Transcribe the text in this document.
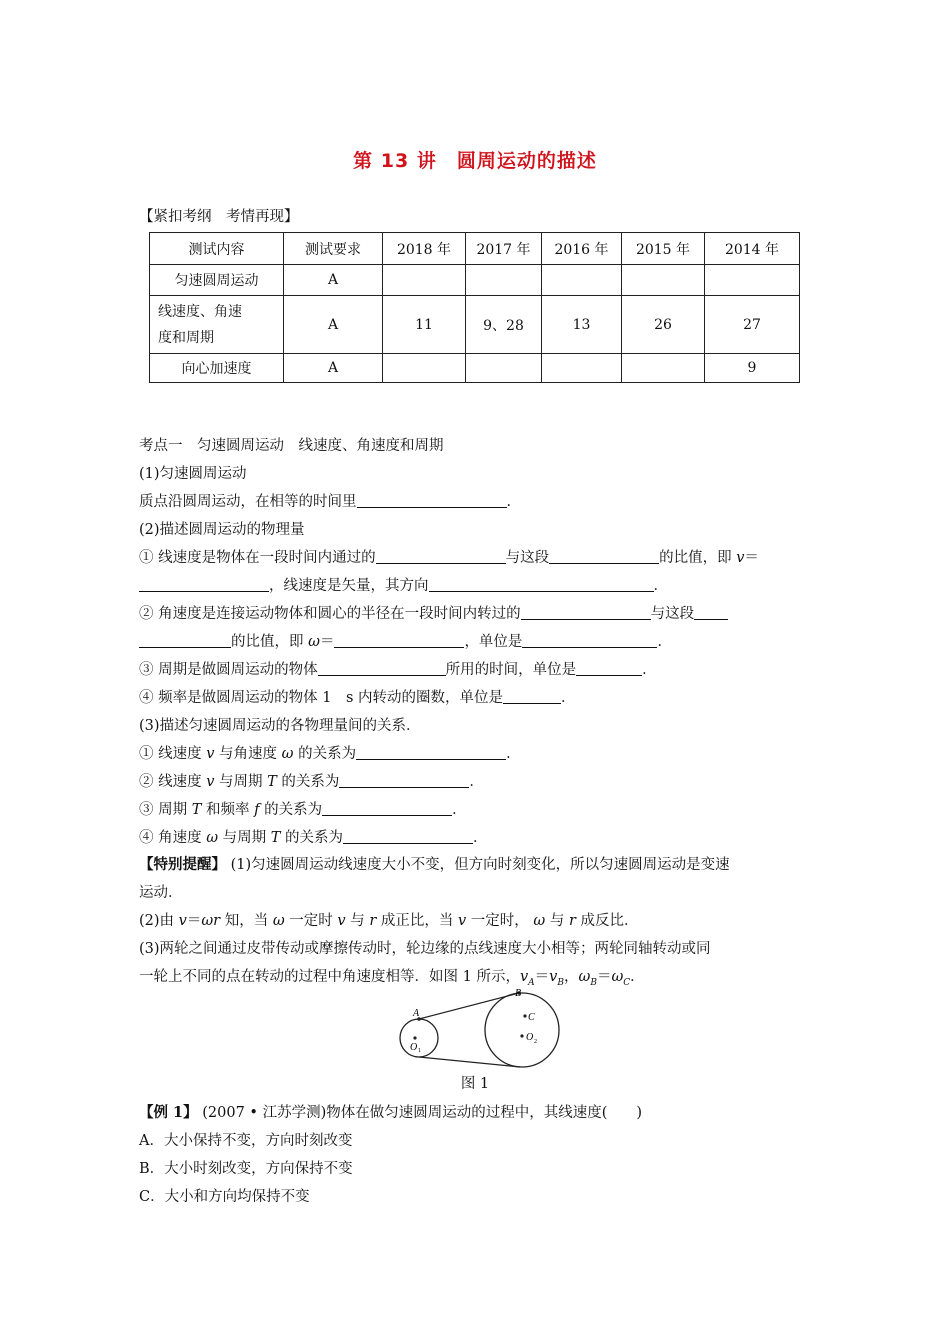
第 13 讲　圆周运动的描述
【紧扣考纲　考情再现】
测试内容	测试要求	2018 年	2017 年	2016 年	2015 年	2014 年
匀速圆周运动	A					
线速度、角速
度和周期	A	11	9、28	13	26	27
向心加速度	A					9
考点一　匀速圆周运动　线速度、角速度和周期
(1)匀速圆周运动
质点沿圆周运动，在相等的时间里	．
(2)描述圆周运动的物理量
① 线速度是物体在一段时间内通过的	与这段	的比值，即 v＝
，线速度是矢量，其方向	．
② 角速度是连接运动物体和圆心的半径在一段时间内转过的	与这段
的比值，即 ω＝	，单位是	．
③ 周期是做圆周运动的物体	所用的时间，单位是	．
④ 频率是做圆周运动的物体 1　s 内转动的圈数，单位是	．
(3)描述匀速圆周运动的各物理量间的关系．
① 线速度 v 与角速度 ω 的关系为	．
② 线速度 v 与周期 T 的关系为	．
③ 周期 T 和频率 f 的关系为	．
④ 角速度 ω 与周期 T 的关系为	．
【特别提醒】 (1)匀速圆周运动线速度大小不变，但方向时刻变化，所以匀速圆周运动是变速
运动．
(2)由 v＝ωr 知，当 ω 一定时 v 与 r 成正比，当 v 一定时， ω 与 r 成反比．
(3)两轮之间通过皮带传动或摩擦传动时，轮边缘的点线速度大小相等；两轮同轴转动或同
一轮上不同的点在转动的过程中角速度相等．如图 1 所示，$v_A=v_B$，$\omega_B=\omega_C$．
A
B
C
O 1
O 2
图 1
【例 1】 (2007 • 江苏学测)物体在做匀速圆周运动的过程中，其线速度(　　)
A．大小保持不变，方向时刻改变
B．大小时刻改变，方向保持不变
C．大小和方向均保持不变
